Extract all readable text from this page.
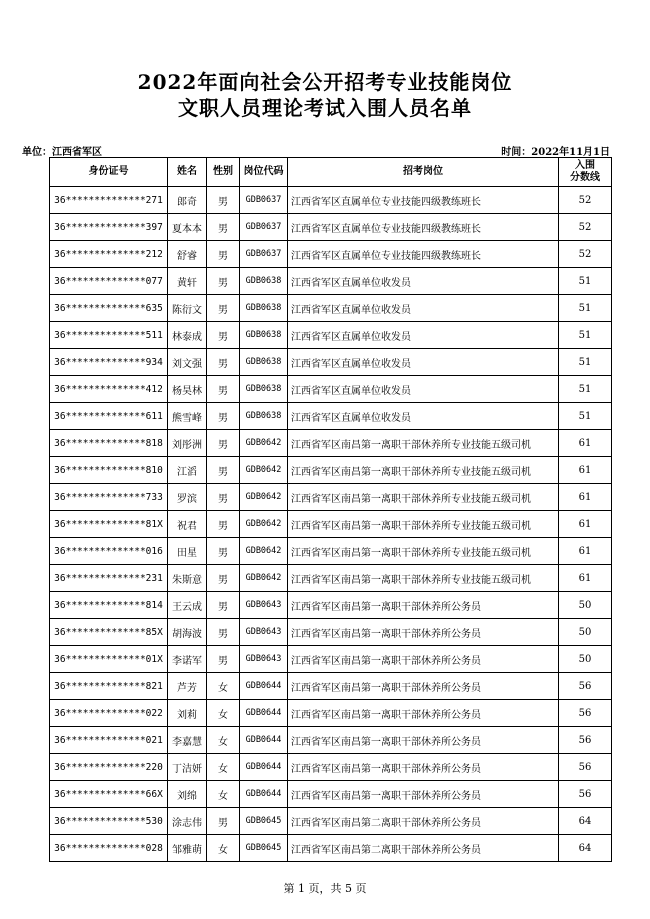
2022年面向社会公开招考专业技能岗位
文职人员理论考试入围人员名单
单位：江西省军区	时间：2022年11月1日
身份证号	姓名	性别	岗位代码	招考岗位	入围
分数线
36**************271	郎奇	男	GDB0637	江西省军区直属单位专业技能四级教练班长	52
36**************397	夏本本	男	GDB0637	江西省军区直属单位专业技能四级教练班长	52
36**************212	舒睿	男	GDB0637	江西省军区直属单位专业技能四级教练班长	52
36**************077	黄轩	男	GDB0638	江西省军区直属单位收发员	51
36**************635	陈衍文	男	GDB0638	江西省军区直属单位收发员	51
36**************511	林泰成	男	GDB0638	江西省军区直属单位收发员	51
36**************934	刘文强	男	GDB0638	江西省军区直属单位收发员	51
36**************412	杨昊林	男	GDB0638	江西省军区直属单位收发员	51
36**************611	熊雪峰	男	GDB0638	江西省军区直属单位收发员	51
36**************818	刘彤洲	男	GDB0642	江西省军区南昌第一离职干部休养所专业技能五级司机	61
36**************810	江滔	男	GDB0642	江西省军区南昌第一离职干部休养所专业技能五级司机	61
36**************733	罗滨	男	GDB0642	江西省军区南昌第一离职干部休养所专业技能五级司机	61
36**************81X	祝君	男	GDB0642	江西省军区南昌第一离职干部休养所专业技能五级司机	61
36**************016	田星	男	GDB0642	江西省军区南昌第一离职干部休养所专业技能五级司机	61
36**************231	朱斯意	男	GDB0642	江西省军区南昌第一离职干部休养所专业技能五级司机	61
36**************814	王云成	男	GDB0643	江西省军区南昌第一离职干部休养所公务员	50
36**************85X	胡海波	男	GDB0643	江西省军区南昌第一离职干部休养所公务员	50
36**************01X	李诺军	男	GDB0643	江西省军区南昌第一离职干部休养所公务员	50
36**************821	芦芳	女	GDB0644	江西省军区南昌第一离职干部休养所公务员	56
36**************022	刘莉	女	GDB0644	江西省军区南昌第一离职干部休养所公务员	56
36**************021	李嘉慧	女	GDB0644	江西省军区南昌第一离职干部休养所公务员	56
36**************220	丁洁妍	女	GDB0644	江西省军区南昌第一离职干部休养所公务员	56
36**************66X	刘绵	女	GDB0644	江西省军区南昌第一离职干部休养所公务员	56
36**************530	涂志伟	男	GDB0645	江西省军区南昌第二离职干部休养所公务员	64
36**************028	邹雅萌	女	GDB0645	江西省军区南昌第二离职干部休养所公务员	64
第 1 页，共 5 页
